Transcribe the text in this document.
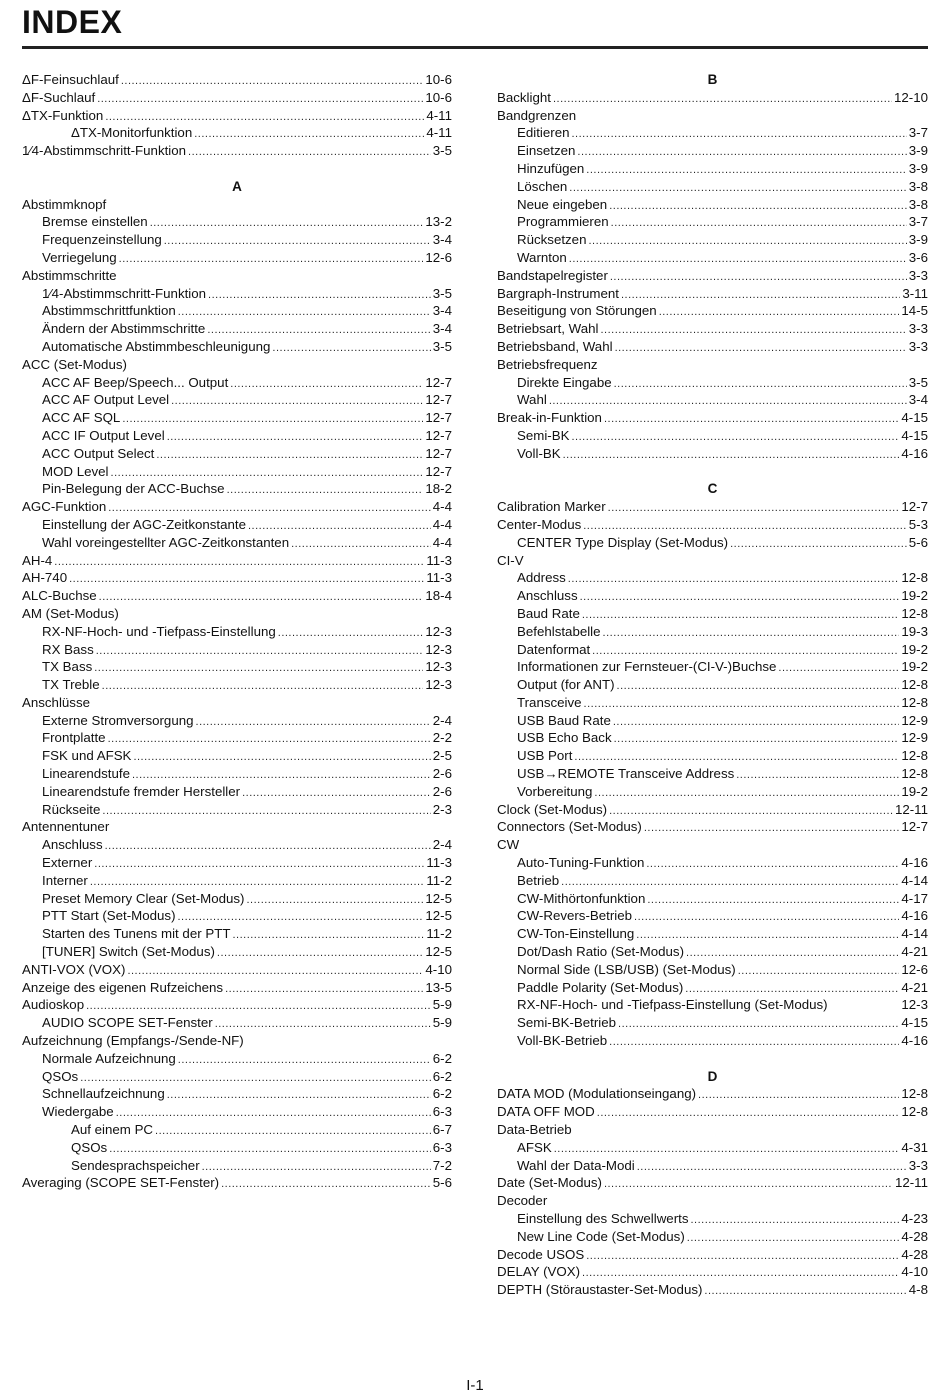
INDEX
ΔF-Feinsuchlauf .....	10-6
ΔF-Suchlauf .....	10-6
ΔTX-Funktion .....	4-11
ΔTX-Monitorfunktion .....	4-11
1⁄4-Abstimmschritt-Funktion .....	3-5
A
Abstimmknopf
Bremse einstellen .....	13-2
Frequenzeinstellung .....	3-4
Verriegelung .....	12-6
Abstimmschritte
1⁄4-Abstimmschritt-Funktion .....	3-5
Abstimmschrittfunktion .....	3-4
Ändern der Abstimmschritte .....	3-4
Automatische Abstimmbeschleunigung .....	3-5
ACC (Set-Modus)
ACC AF Beep/Speech... Output .....	12-7
ACC AF Output Level .....	12-7
ACC AF SQL .....	12-7
ACC IF Output Level .....	12-7
ACC Output Select .....	12-7
MOD Level .....	12-7
Pin-Belegung der ACC-Buchse .....	18-2
AGC-Funktion .....	4-4
Einstellung der AGC-Zeitkonstante .....	4-4
Wahl voreingestellter AGC-Zeitkonstanten .....	4-4
AH-4 .....	11-3
AH-740 .....	11-3
ALC-Buchse .....	18-4
AM (Set-Modus)
RX-NF-Hoch- und -Tiefpass-Einstellung .....	12-3
RX Bass .....	12-3
TX Bass .....	12-3
TX Treble .....	12-3
Anschlüsse
Externe Stromversorgung .....	2-4
Frontplatte .....	2-2
FSK und AFSK .....	2-5
Linearendstufe .....	2-6
Linearendstufe fremder Hersteller .....	2-6
Rückseite .....	2-3
Antennentuner
Anschluss .....	2-4
Externer .....	11-3
Interner .....	11-2
Preset Memory Clear (Set-Modus) .....	12-5
PTT Start (Set-Modus) .....	12-5
Starten des Tunens mit der PTT .....	11-2
[TUNER] Switch (Set-Modus) .....	12-5
ANTI-VOX (VOX) .....	4-10
Anzeige des eigenen Rufzeichens .....	13-5
Audioskop .....	5-9
AUDIO SCOPE SET-Fenster .....	5-9
Aufzeichnung (Empfangs-/Sende-NF)
Normale Aufzeichnung .....	6-2
QSOs .....	6-2
Schnellaufzeichnung .....	6-2
Wiedergabe .....	6-3
Auf einem PC .....	6-7
QSOs .....	6-3
Sendesprachspeicher .....	7-2
Averaging (SCOPE SET-Fenster) .....	5-6
B
Backlight .....	12-10
Bandgrenzen
Editieren .....	3-7
Einsetzen .....	3-9
Hinzufügen .....	3-9
Löschen .....	3-8
Neue eingeben .....	3-8
Programmieren .....	3-7
Rücksetzen .....	3-9
Warnton .....	3-6
Bandstapelregister .....	3-3
Bargraph-Instrument .....	3-11
Beseitigung von Störungen .....	14-5
Betriebsart, Wahl .....	3-3
Betriebsband, Wahl .....	3-3
Betriebsfrequenz
Direkte Eingabe .....	3-5
Wahl .....	3-4
Break-in-Funktion .....	4-15
Semi-BK .....	4-15
Voll-BK .....	4-16
C
Calibration Marker .....	12-7
Center-Modus .....	5-3
CENTER Type Display (Set-Modus) .....	5-6
CI-V
Address .....	12-8
Anschluss .....	19-2
Baud Rate .....	12-8
Befehlstabelle .....	19-3
Datenformat .....	19-2
Informationen zur Fernsteuer-(CI-V-)Buchse .....	19-2
Output (for ANT) .....	12-8
Transceive .....	12-8
USB Baud Rate .....	12-9
USB Echo Back .....	12-9
USB Port .....	12-8
USB→REMOTE Transceive Address .....	12-8
Vorbereitung .....	19-2
Clock (Set-Modus) .....	12-11
Connectors (Set-Modus) .....	12-7
CW
Auto-Tuning-Funktion .....	4-16
Betrieb .....	4-14
CW-Mithörtonfunktion .....	4-17
CW-Revers-Betrieb .....	4-16
CW-Ton-Einstellung .....	4-14
Dot/Dash Ratio (Set-Modus) .....	4-21
Normal Side (LSB/USB) (Set-Modus) .....	12-6
Paddle Polarity (Set-Modus) .....	4-21
RX-NF-Hoch- und -Tiefpass-Einstellung (Set-Modus)	12-3
Semi-BK-Betrieb .....	4-15
Voll-BK-Betrieb .....	4-16
D
DATA MOD (Modulationseingang) .....	12-8
DATA OFF MOD .....	12-8
Data-Betrieb
AFSK .....	4-31
Wahl der Data-Modi .....	3-3
Date (Set-Modus) .....	12-11
Decoder
Einstellung des Schwellwerts .....	4-23
New Line Code (Set-Modus) .....	4-28
Decode USOS .....	4-28
DELAY (VOX) .....	4-10
DEPTH (Störaustaster-Set-Modus) .....	4-8
I-1
